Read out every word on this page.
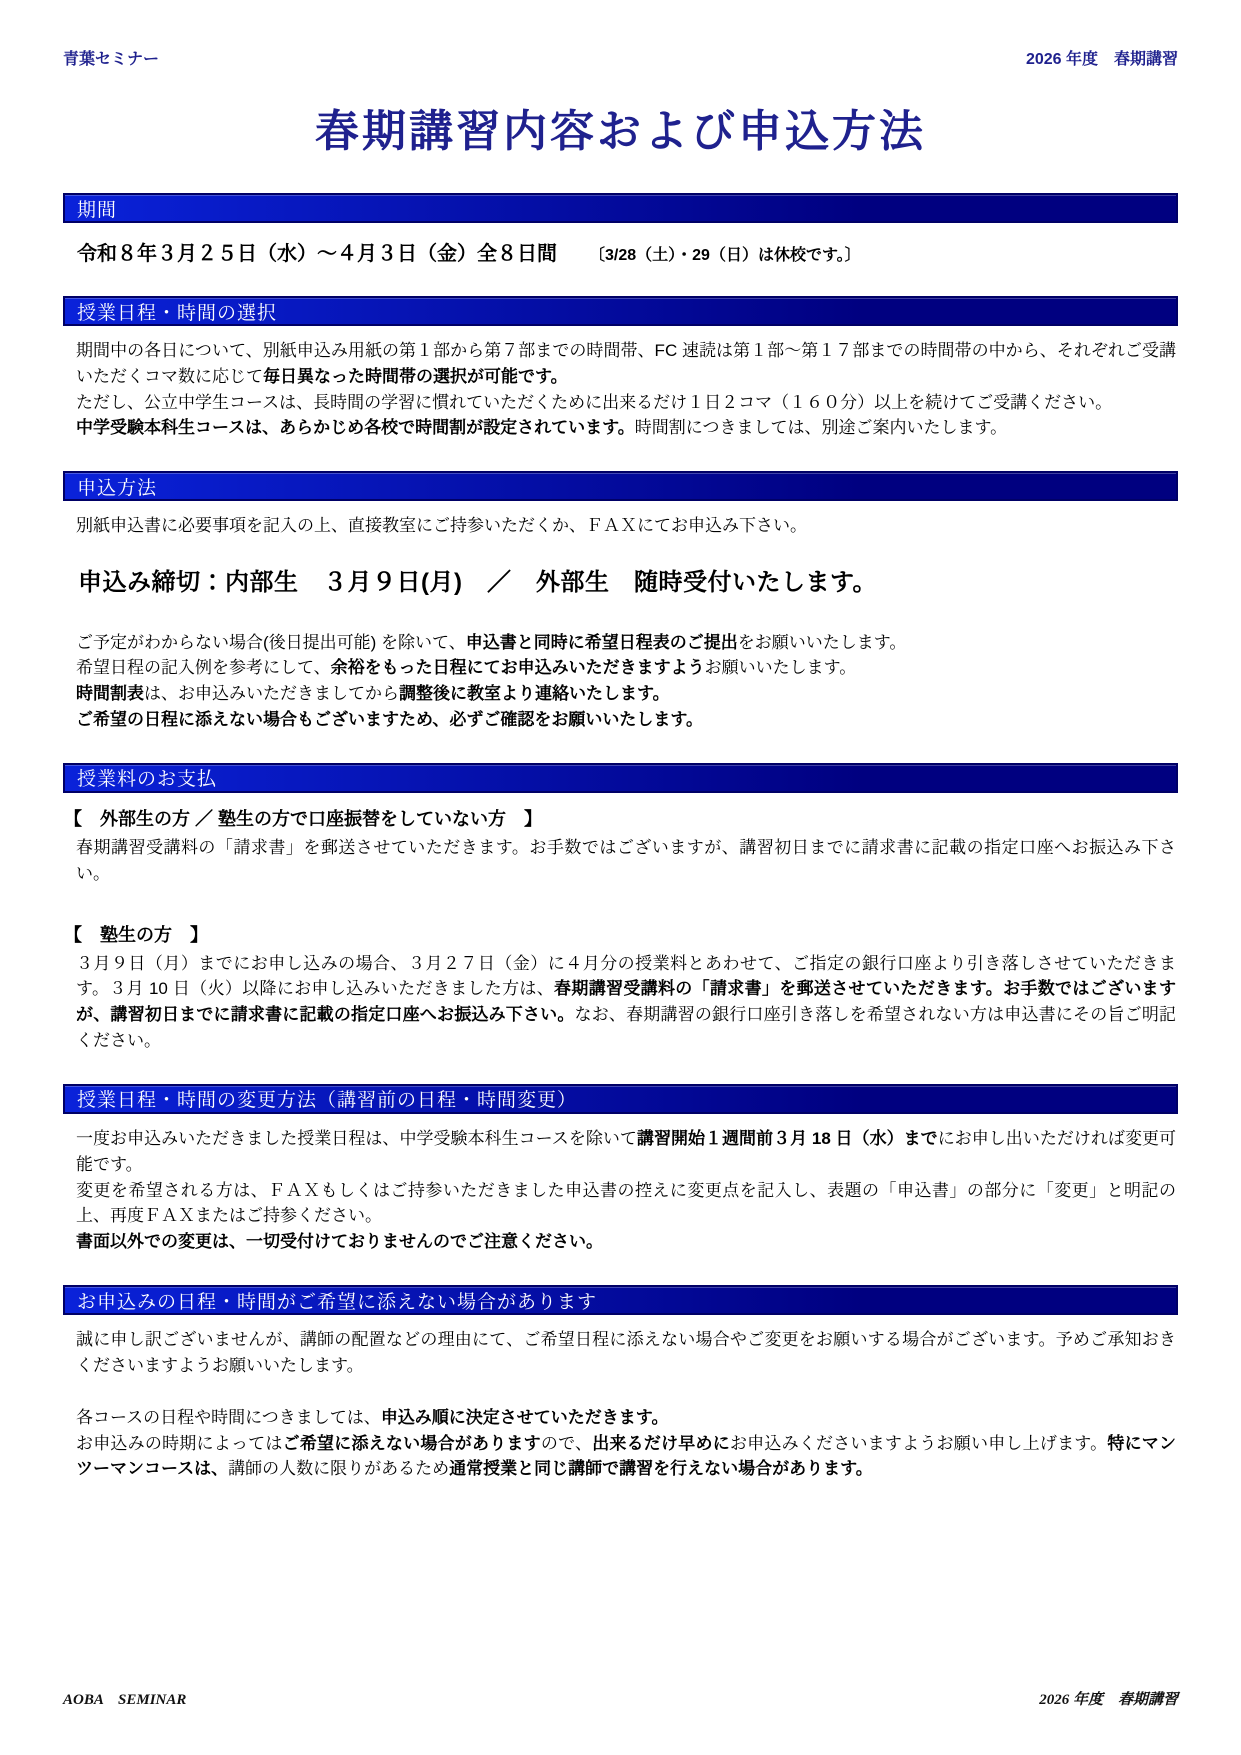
青葉セミナー	2026 年度　春期講習
春期講習内容および申込方法
期間
令和８年３月２５日（水）～４月３日（金）全８日間　　	〔3/28（土）・29（日）は休校です。〕
授業日程・時間の選択
期間中の各日について、別紙申込み用紙の第１部から第７部までの時間帯、FC 速読は第１部～第１７部までの時間帯の中から、それぞれご受講いただくコマ数に応じて毎日異なった時間帯の選択が可能です。
ただし、公立中学生コースは、長時間の学習に慣れていただくために出来るだけ１日２コマ（１６０分）以上を続けてご受講ください。
中学受験本科生コースは、あらかじめ各校で時間割が設定されています。時間割につきましては、別途ご案内いたします。
申込方法
別紙申込書に必要事項を記入の上、直接教室にご持参いただくか、ＦＡＸにてお申込み下さい。
申込み締切：内部生　３月９日(月)　／　外部生　随時受付いたします。
ご予定がわからない場合(後日提出可能) を除いて、申込書と同時に希望日程表のご提出をお願いいたします。
希望日程の記入例を参考にして、余裕をもった日程にてお申込みいただきますようお願いいたします。
時間割表は、お申込みいただきましてから調整後に教室より連絡いたします。
ご希望の日程に添えない場合もございますため、必ずご確認をお願いいたします。
授業料のお支払
【　外部生の方 ／ 塾生の方で口座振替をしていない方　】
春期講習受講料の「請求書」を郵送させていただきます。お手数ではございますが、講習初日までに請求書に記載の指定口座へお振込み下さい。
【　塾生の方　】
３月９日（月）までにお申し込みの場合、３月２７日（金）に４月分の授業料とあわせて、ご指定の銀行口座より引き落しさせていただきます。３月 10 日（火）以降にお申し込みいただきました方は、春期講習受講料の「請求書」を郵送させていただきます。お手数ではございますが、講習初日までに請求書に記載の指定口座へお振込み下さい。なお、春期講習の銀行口座引き落しを希望されない方は申込書にその旨ご明記ください。
授業日程・時間の変更方法（講習前の日程・時間変更）
一度お申込みいただきました授業日程は、中学受験本科生コースを除いて講習開始１週間前３月 18 日（水）までにお申し出いただければ変更可能です。
変更を希望される方は、ＦＡＸもしくはご持参いただきました申込書の控えに変更点を記入し、表題の「申込書」の部分に「変更」と明記の上、再度ＦＡＸまたはご持参ください。
書面以外での変更は、一切受付けておりませんのでご注意ください。
お申込みの日程・時間がご希望に添えない場合があります
誠に申し訳ございませんが、講師の配置などの理由にて、ご希望日程に添えない場合やご変更をお願いする場合がございます。予めご承知おきくださいますようお願いいたします。
各コースの日程や時間につきましては、申込み順に決定させていただきます。
お申込みの時期によってはご希望に添えない場合がありますので、出来るだけ早めにお申込みくださいますようお願い申し上げます。特にマンツーマンコースは、講師の人数に限りがあるため通常授業と同じ講師で講習を行えない場合があります。
AOBA　SEMINAR	2026 年度　春期講習
